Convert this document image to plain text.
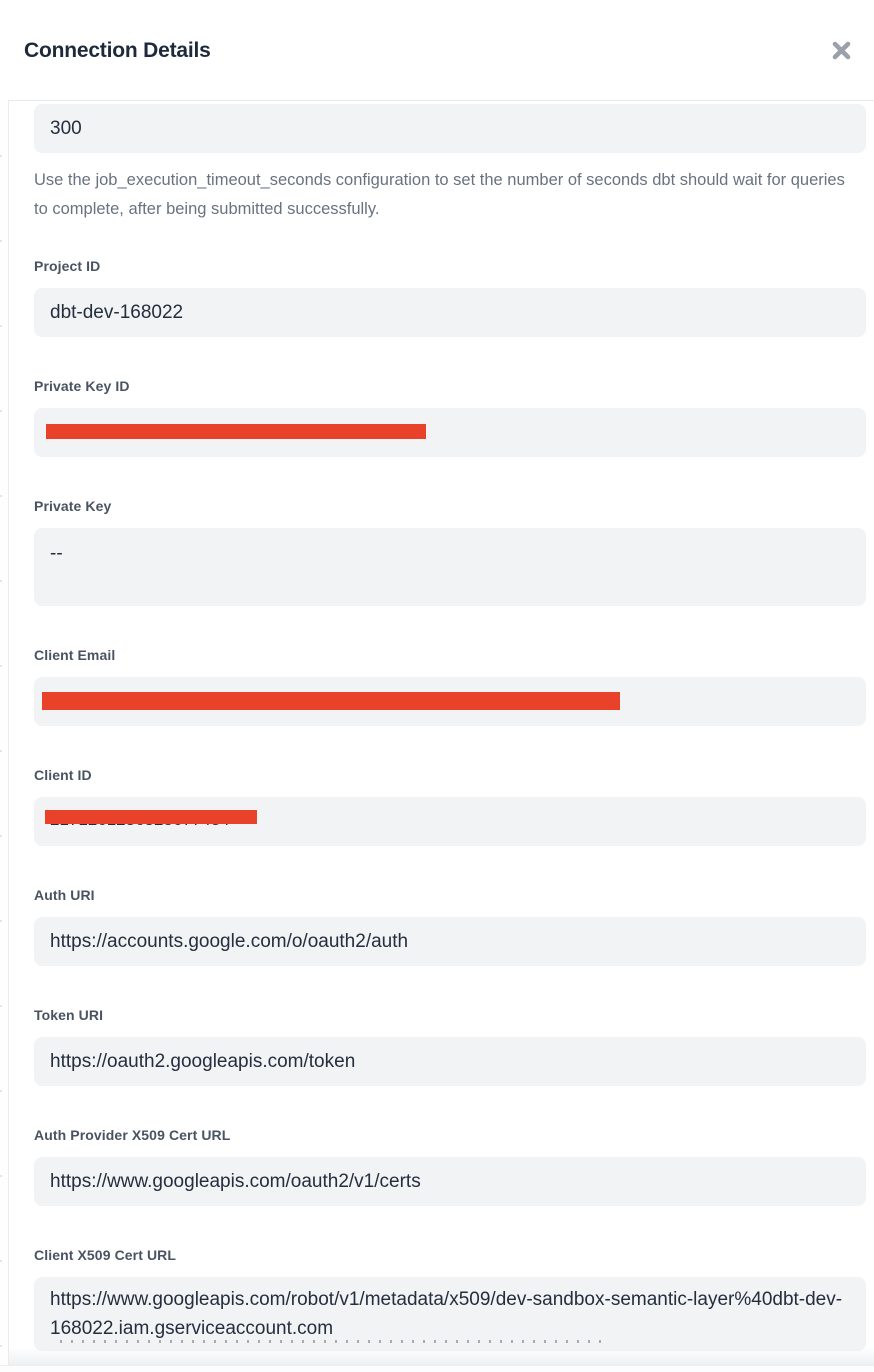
Connection Details
300

Use the job_execution_timeout_seconds configuration to set the number of seconds dbt should wait for queries to complete, after being submitted successfully.

Project ID
dbt-dev-168022
Private Key ID
Private Key
--
Client Email
Client ID
Auth URI
https://accounts.google.com/o/oauth2/auth
Token URI
https://oauth2.googleapis.com/token
Auth Provider X509 Cert URL
https://www.googleapis.com/oauth2/v1/certs
Client X509 Cert URL
https://www.googleapis.com/robot/v1/metadata/x509/dev-sandbox-semantic-layer%40dbt-dev-168022.iam.gserviceaccount.com
